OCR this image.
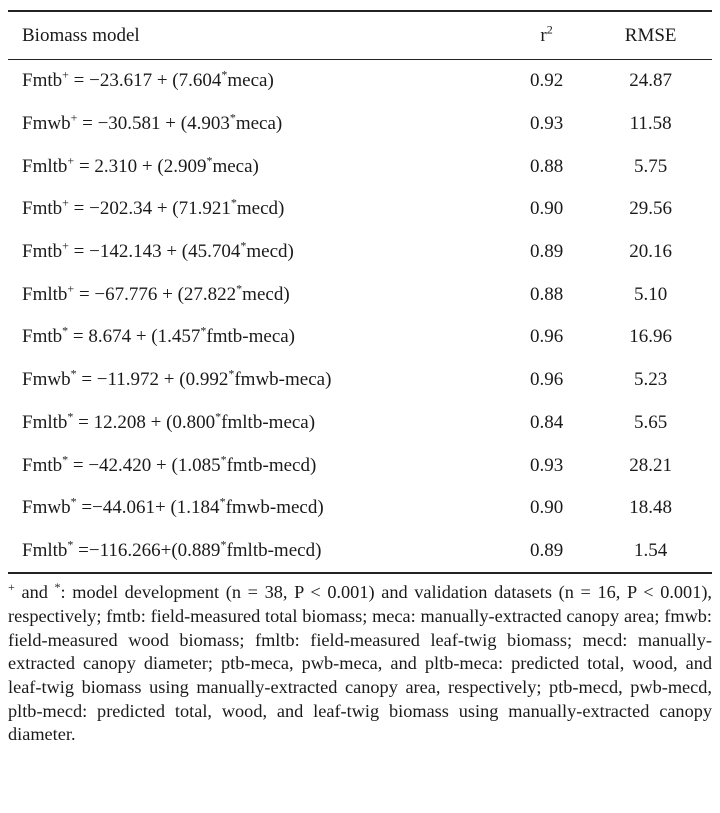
Biomass model	$r^2$	RMSE

Fmtb+ = −23.617 + (7.604*meca)	0.92	24.87
Fmwb+ = −30.581 + (4.903*meca)	0.93	11.58
Fmltb+ = 2.310 + (2.909*meca)	0.88	5.75
Fmtb+ = −202.34 + (71.921*mecd)	0.90	29.56
Fmtb+ = −142.143 + (45.704*mecd)	0.89	20.16
Fmltb+ = −67.776 + (27.822*mecd)	0.88	5.10
Fmtb* = 8.674 + (1.457*fmtb-meca)	0.96	16.96
Fmwb* = −11.972 + (0.992*fmwb-meca)	0.96	5.23
Fmltb* = 12.208 + (0.800*fmltb-meca)	0.84	5.65
Fmtb* = −42.420 + (1.085*fmtb-mecd)	0.93	28.21
Fmwb* =−44.061+ (1.184*fmwb-mecd)	0.90	18.48
Fmltb* =−116.266+(0.889*fmltb-mecd)	0.89	1.54
+ and *: model development (n = 38, P < 0.001) and validation datasets (n = 16, P < 0.001), respectively; fmtb: field-measured total biomass; meca: manually-extracted canopy area; fmwb: field-measured wood biomass; fmltb: field-measured leaf-twig biomass; mecd: manually-extracted canopy diameter; ptb-meca, pwb-meca, and pltb-meca: predicted total, wood, and leaf-twig biomass using manually-extracted canopy area, respectively; ptb-mecd, pwb-mecd, pltb-mecd: predicted total, wood, and leaf-twig biomass using manually-extracted canopy diameter.
